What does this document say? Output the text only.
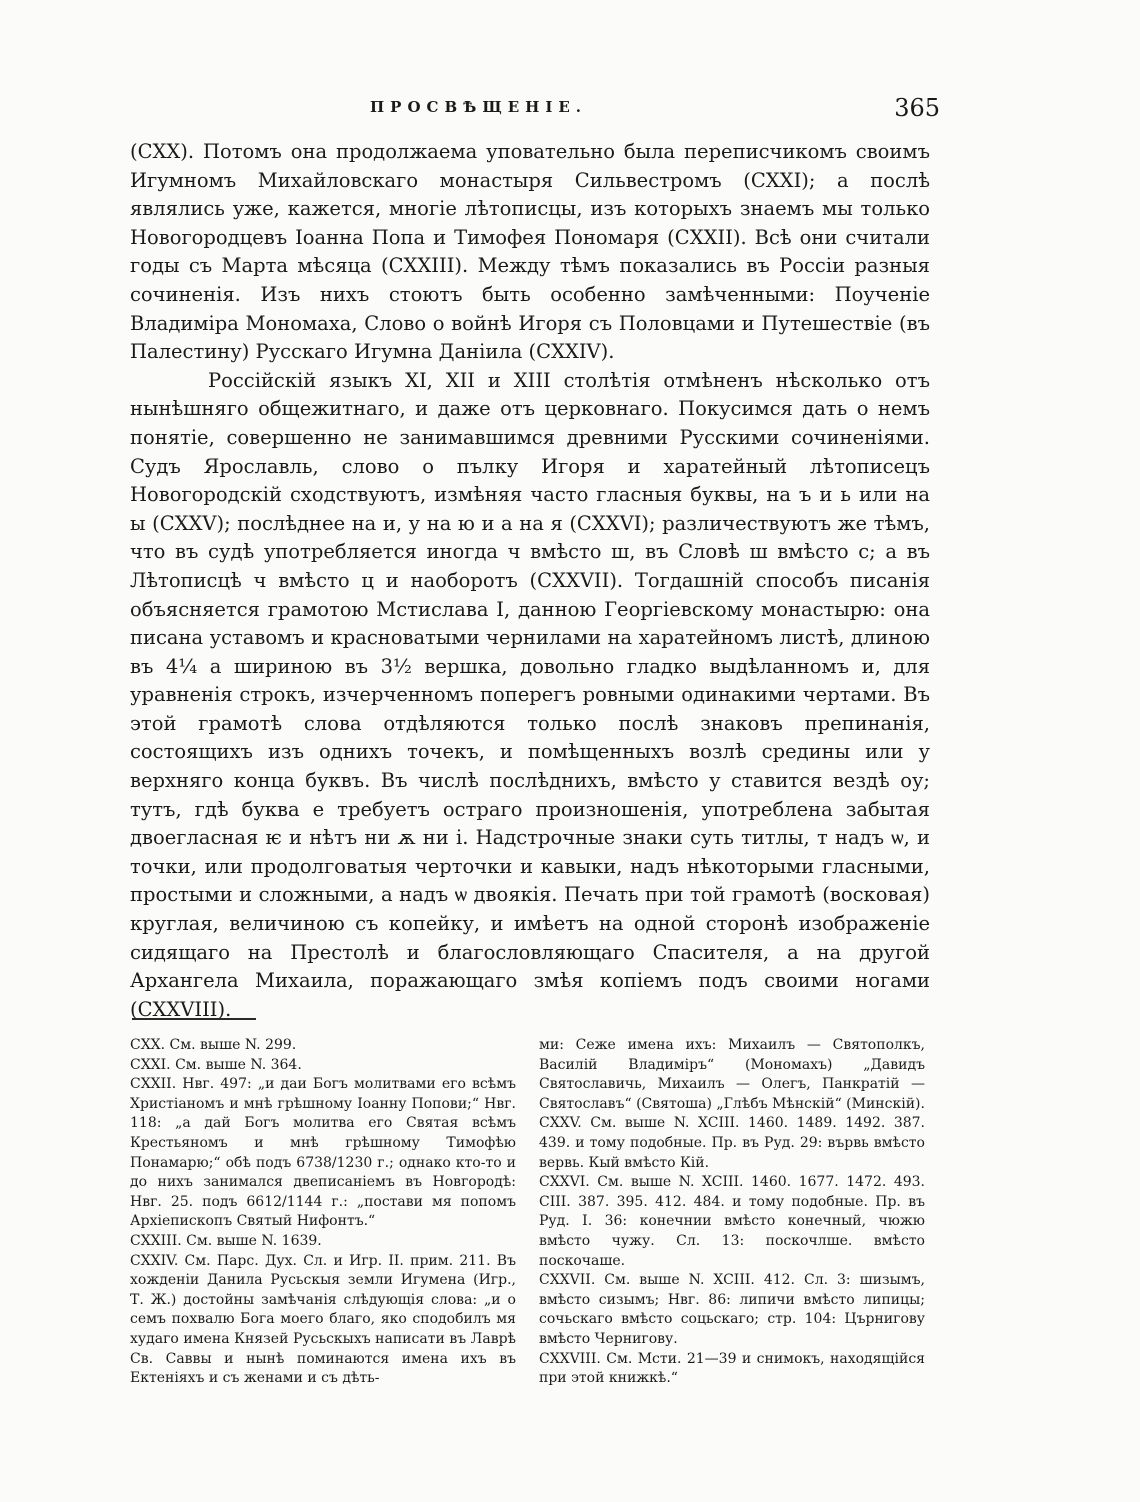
ПРОСВѢЩЕНІЕ.	365

(CXX). Потомъ она продолжаема уповательно была переписчикомъ своимъ Игумномъ Михайловскаго монастыря Сильвестромъ (CXXI); а послѣ являлись уже, кажется, многіе лѣтописцы, изъ которыхъ знаемъ мы только Новогородцевъ Іоанна Попа и Тимофея Пономаря (CXXII). Всѣ они считали годы съ Марта мѣсяца (CXXIII). Между тѣмъ показались въ Россіи разныя сочиненія. Изъ нихъ стоютъ быть особенно замѣченными: Поученіе Владиміра Мономаха, Слово о войнѣ Игоря съ Половцами и Путешествіе (въ Палестину) Русскаго Игумна Даніила (CXXIV).

Россійскій языкъ XI, XII и XIII столѣтія отмѣненъ нѣсколько отъ нынѣшняго общежитнаго, и даже отъ церковнаго. Покусимся дать о немъ понятіе, совершенно не занимавшимся древними Русскими сочиненіями. Судъ Ярославль, слово о пълку Игоря и харатейный лѣтописецъ Новогородскій сходствуютъ, измѣняя часто гласныя буквы, на ъ и ь или на ы (CXXV); послѣднее на и, у на ю и а на я (CXXVI); различествуютъ же тѣмъ, что въ судѣ употребляется иногда ч вмѣсто ш, въ Словѣ ш вмѣсто с; а въ Лѣтописцѣ ч вмѣсто ц и наоборотъ (CXXVII). Тогдашній способъ писанія объясняется грамотою Мстислава I, данною Георгіевскому монастырю: она писана уставомъ и красноватыми чернилами на харатейномъ листѣ, длиною въ 4¼ а шириною въ 3½ вершка, довольно гладко выдѣланномъ и, для уравненія строкъ, изчерченномъ поперегъ ровными одинакими чертами. Въ этой грамотѣ слова отдѣляются только послѣ знаковъ препинанія, состоящихъ изъ однихъ точекъ, и помѣщенныхъ возлѣ средины или у верхняго конца буквъ. Въ числѣ послѣднихъ, вмѣсто у ставится вездѣ оу; тутъ, гдѣ буква е требуетъ остраго произношенія, употреблена забытая двоегласная ѥ и нѣтъ ни ѫ ни і. Надстрочные знаки суть титлы, т надъ ѡ, и точки, или продолговатыя черточки и кавыки, надъ нѣкоторыми гласными, простыми и сложными, а надъ ѡ двоякія. Печать при той грамотѣ (восковая) круглая, величиною съ копейку, и имѣетъ на одной сторонѣ изображеніе сидящаго на Престолѣ и благословляющаго Спасителя, а на другой Архангела Михаила, поражающаго змѣя копіемъ подъ своими ногами (CXXVIII).

CXX. См. выше N. 299.

CXXI. См. выше N. 364.

CXXII. Нвг. 497: „и даи Богъ молитвами его всѣмъ Христіаномъ и мнѣ грѣшному Іоанну Попови;“ Нвг. 118: „а дай Богъ молитва его Святая всѣмъ Крестьяномъ и мнѣ грѣшному Тимофѣю Понамарю;“ обѣ подъ 6738/1230 г.; однако кто-то и до нихъ занимался двеписаніемъ въ Новгородѣ: Нвг. 25. подъ 6612/1144 г.: „постави мя попомъ Архіепископъ Святый Нифонтъ.“

CXXIII. См. выше N. 1639.

CXXIV. См. Парс. Дух. Сл. и Игр. II. прим. 211. Въ хожденіи Данила Русьскыя земли Игумена (Игр., Т. Ж.) достойны замѣчанія слѣдующія слова: „и о семъ похвалю Бога моего благо, яко сподобилъ мя худаго имена Князей Русьскыхъ написати въ Лаврѣ Св. Саввы и нынѣ поминаются имена ихъ въ Ектеніяхъ и съ женами и съ дѣть-

ми: Сеже имена ихъ: Михаилъ — Святополкъ, Василій Владиміръ“ (Мономахъ) „Давидъ Святославичь, Михаилъ — Олегъ, Панкратій — Святославъ“ (Святоша) „Глѣбъ Мѣнскій“ (Минскій).

CXXV. См. выше N. XCIII. 1460. 1489. 1492. 387. 439. и тому подобные. Пр. въ Руд. 29: вървь вмѣсто вервь. Кый вмѣсто Кій.

CXXVI. См. выше N. XCIII. 1460. 1677. 1472. 493. CIII. 387. 395. 412. 484. и тому подобные. Пр. въ Руд. I. 36: конечнии вмѣсто конечный, чюжю вмѣсто чужу. Сл. 13: поскочлше. вмѣсто поскочаше.

CXXVII. См. выше N. XCIII. 412. Сл. 3: шизымъ, вмѣсто сизымъ; Нвг. 86: липичи вмѣсто липицы; сочьскаго вмѣсто соцьскаго; стр. 104: Църнигову вмѣсто Чернигову.

CXXVIII. См. Мсти. 21—39 и снимокъ, находящійся при этой книжкѣ.“
